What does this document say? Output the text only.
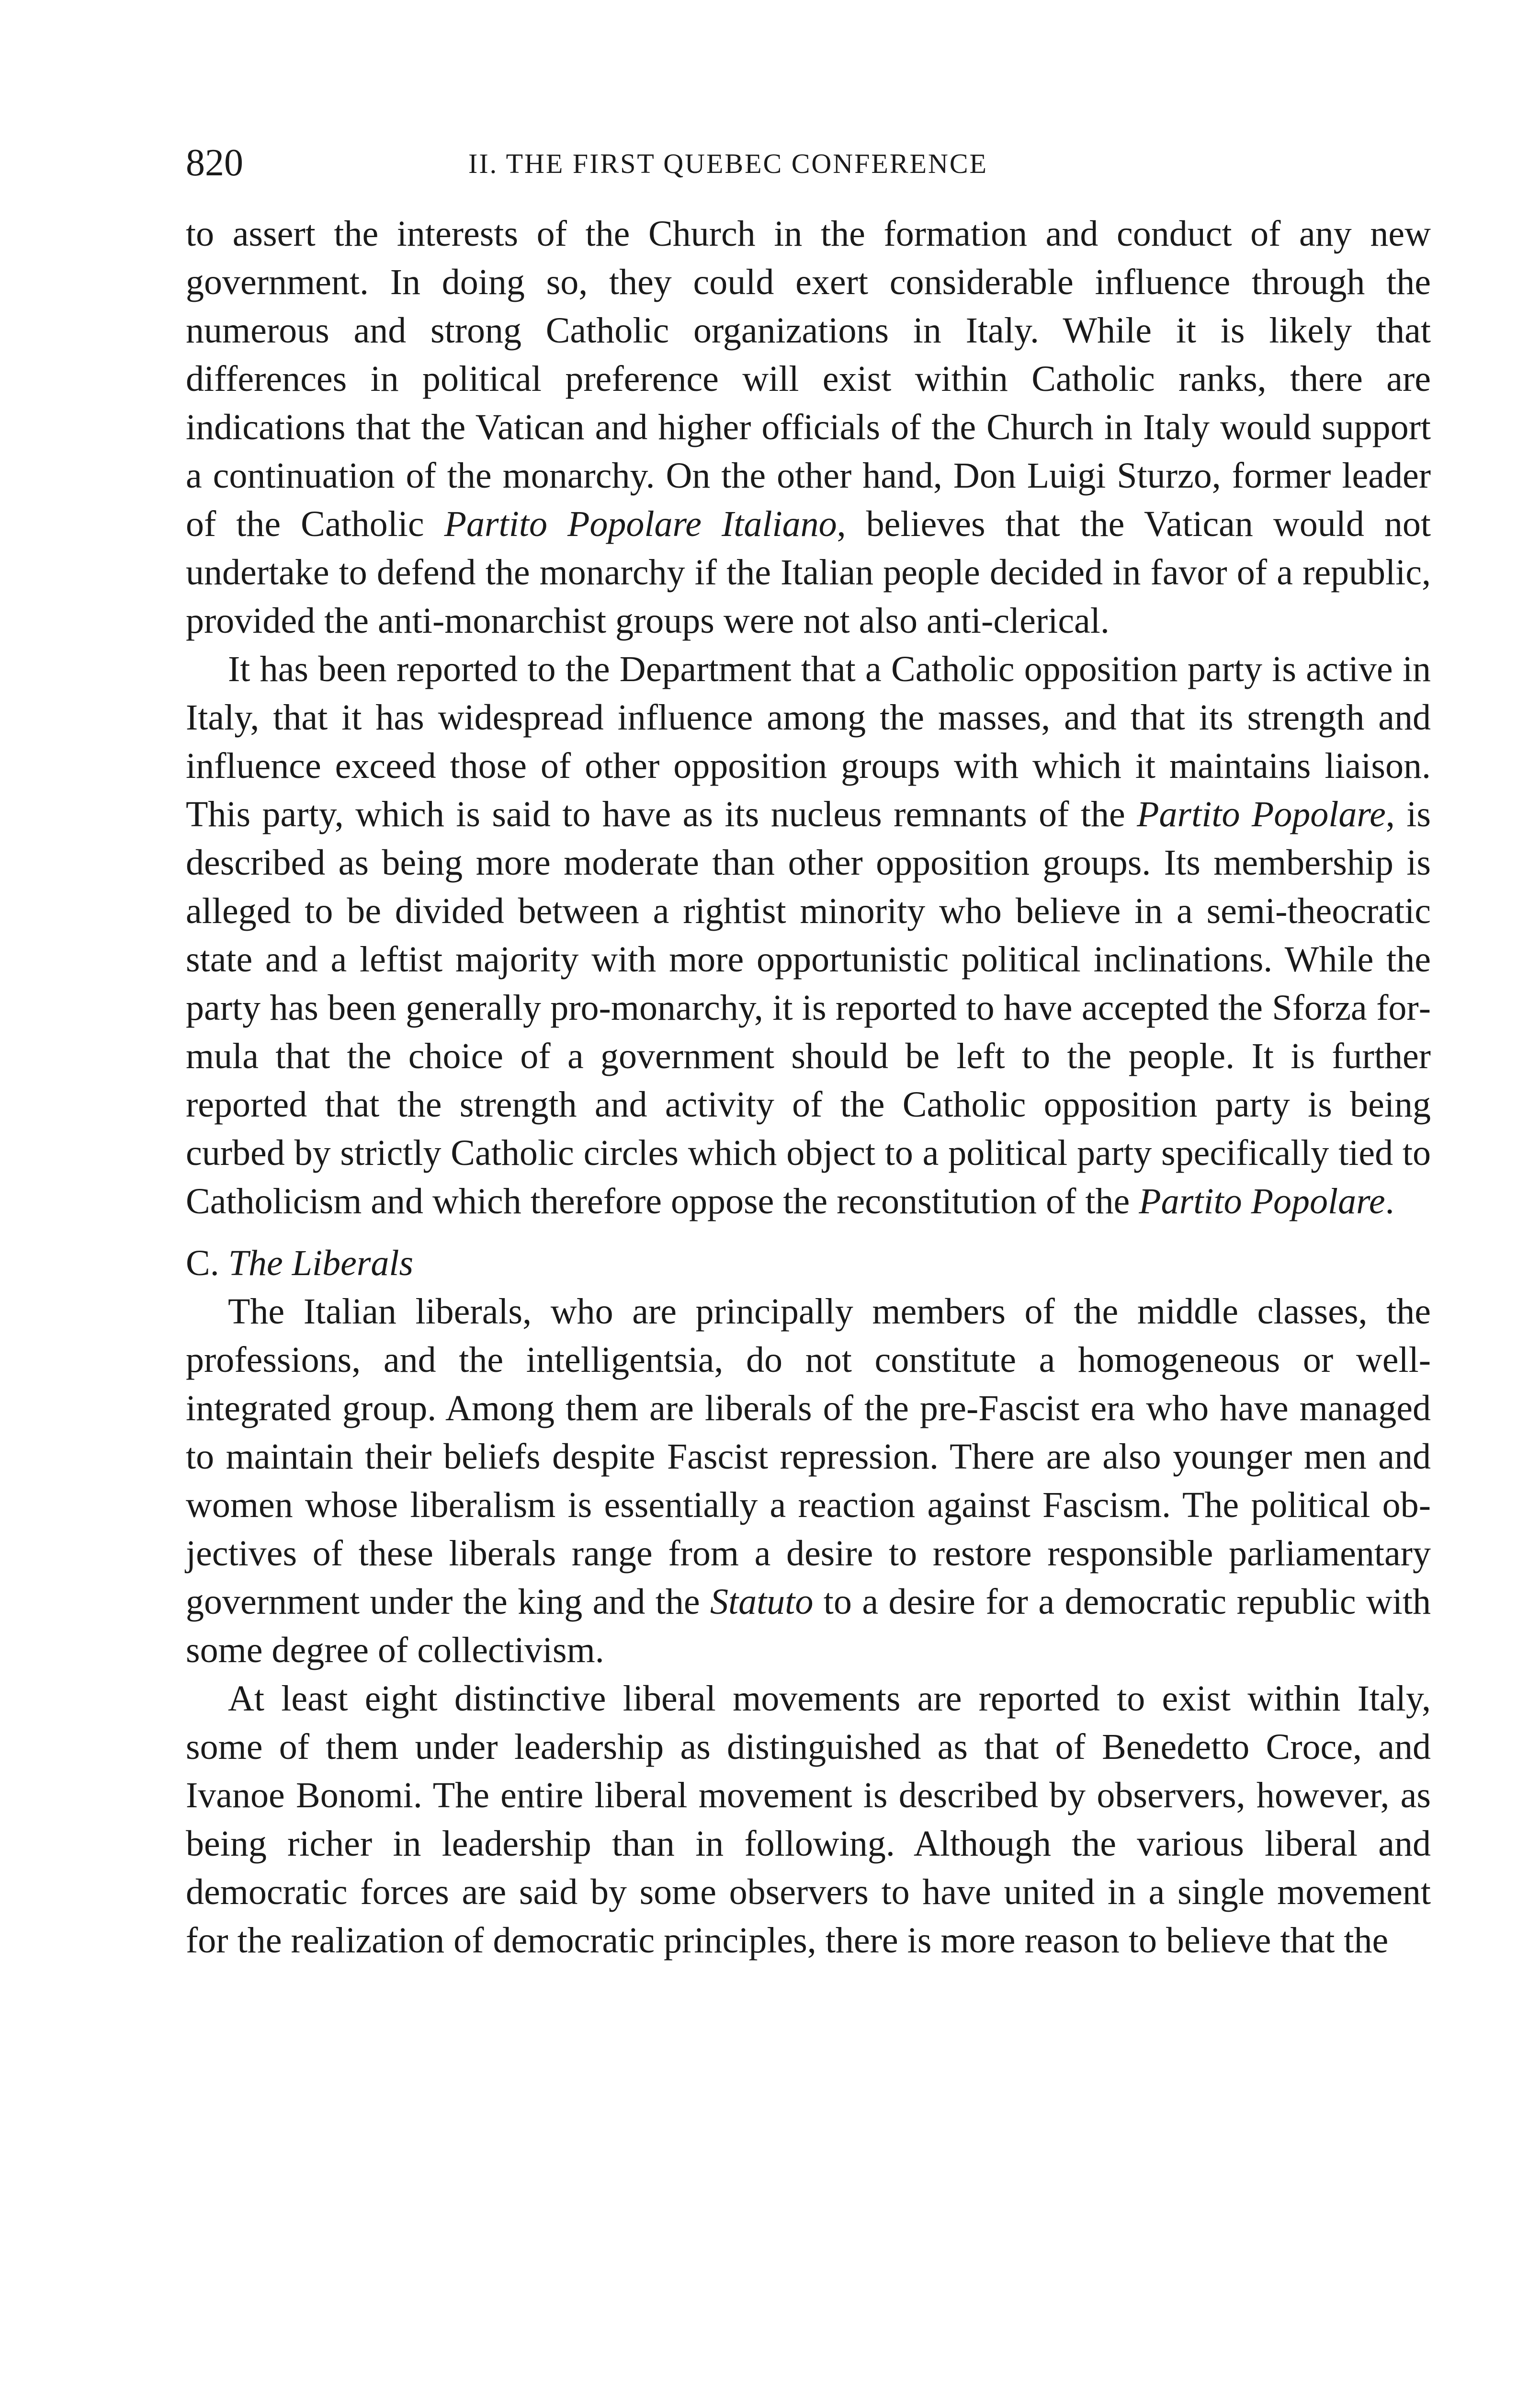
820	II. THE FIRST QUEBEC CONFERENCE

to assert the interests of the Church in the formation and conduct of any new government. In doing so, they could exert considerable influence through the numerous and strong Catholic organizations in Italy. While it is likely that differences in political preference will exist within Catholic ranks, there are indications that the Vatican and higher officials of the Church in Italy would support a continuation of the monarchy. On the other hand, Don Luigi Sturzo, former leader of the Catholic Partito Popolare Italiano, believes that the Vatican would not undertake to defend the monarchy if the Italian people decided in favor of a republic, provided the anti-monarchist groups were not also anti-clerical.

It has been reported to the Department that a Catholic opposition party is active in Italy, that it has widespread influence among the masses, and that its strength and influence exceed those of other opposition groups with which it maintains liaison. This party, which is said to have as its nucleus remnants of the Partito Popolare, is described as being more moderate than other opposition groups. Its membership is alleged to be divided between a rightist minority who believe in a semi-theocratic state and a leftist majority with more opportunistic political inclinations. While the party has been generally pro-monarchy, it is reported to have accepted the Sforza formula that the choice of a government should be left to the people. It is further reported that the strength and activity of the Catholic opposition party is being curbed by strictly Catholic circles which object to a political party specifically tied to Catholicism and which therefore oppose the reconstitution of the Partito Popolare.

C. The Liberals

The Italian liberals, who are principally members of the middle classes, the professions, and the intelligentsia, do not constitute a homogeneous or well-integrated group. Among them are liberals of the pre-Fascist era who have managed to maintain their beliefs despite Fascist repression. There are also younger men and women whose liberalism is essentially a reaction against Fascism. The political objectives of these liberals range from a desire to restore responsible parliamentary government under the king and the Statuto to a desire for a democratic republic with some degree of collectivism.

At least eight distinctive liberal movements are reported to exist within Italy, some of them under leadership as distinguished as that of Benedetto Croce, and Ivanoe Bonomi. The entire liberal movement is described by observers, however, as being richer in leadership than in following. Although the various liberal and democratic forces are said by some observers to have united in a single movement for the realization of democratic principles, there is more reason to believe that the
